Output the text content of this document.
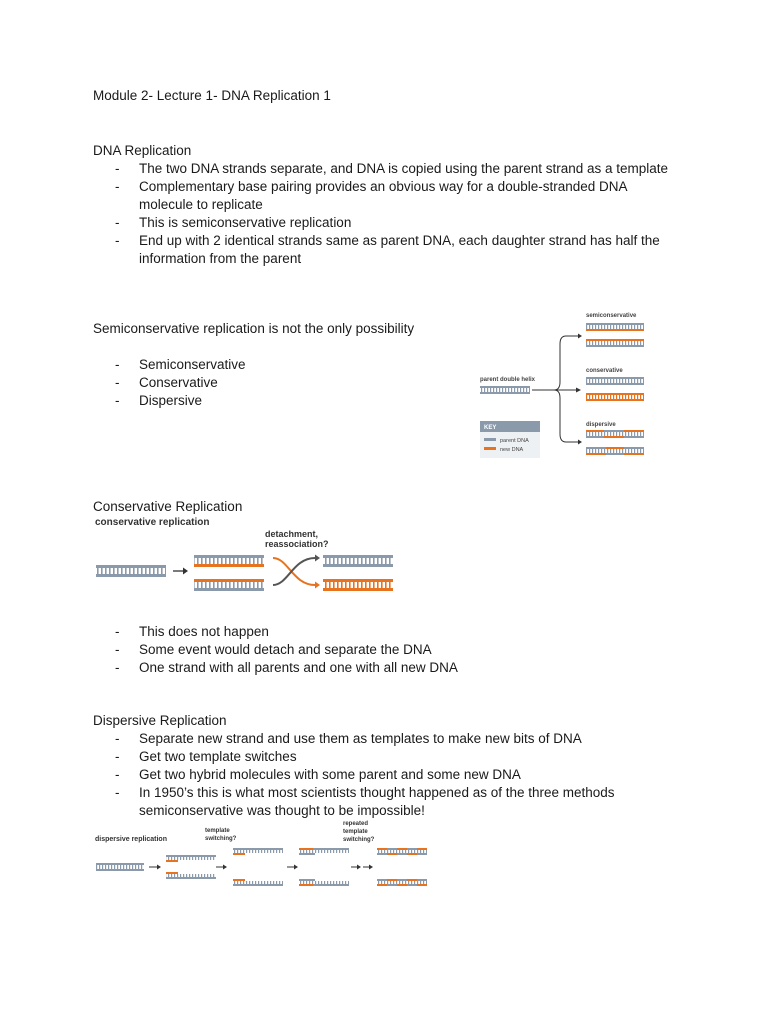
Module 2- Lecture 1- DNA Replication 1
DNA Replication
- The two DNA strands separate, and DNA is copied using the parent strand as a template
- Complementary base pairing provides an obvious way for a double-stranded DNA molecule to replicate
- This is semiconservative replication
- End up with 2 identical strands same as parent DNA, each daughter strand has half the information from the parent
Semiconservative replication is not the only possibility
- Semiconservative
- Conservative
- Dispersive
semiconservative
conservative
dispersive
parent double helix
KEY
parent DNA
new DNA
Conservative Replication
conservative replication
detachment,
reassociation?
- This does not happen
- Some event would detach and separate the DNA
- One strand with all parents and one with all new DNA
Dispersive Replication
- Separate new strand and use them as templates to make new bits of DNA
- Get two template switches
- Get two hybrid molecules with some parent and some new DNA
- In 1950’s this is what most scientists thought happened as of the three methods semiconservative was thought to be impossible!
dispersive replication
template
switching?
repeated
template
switching?
